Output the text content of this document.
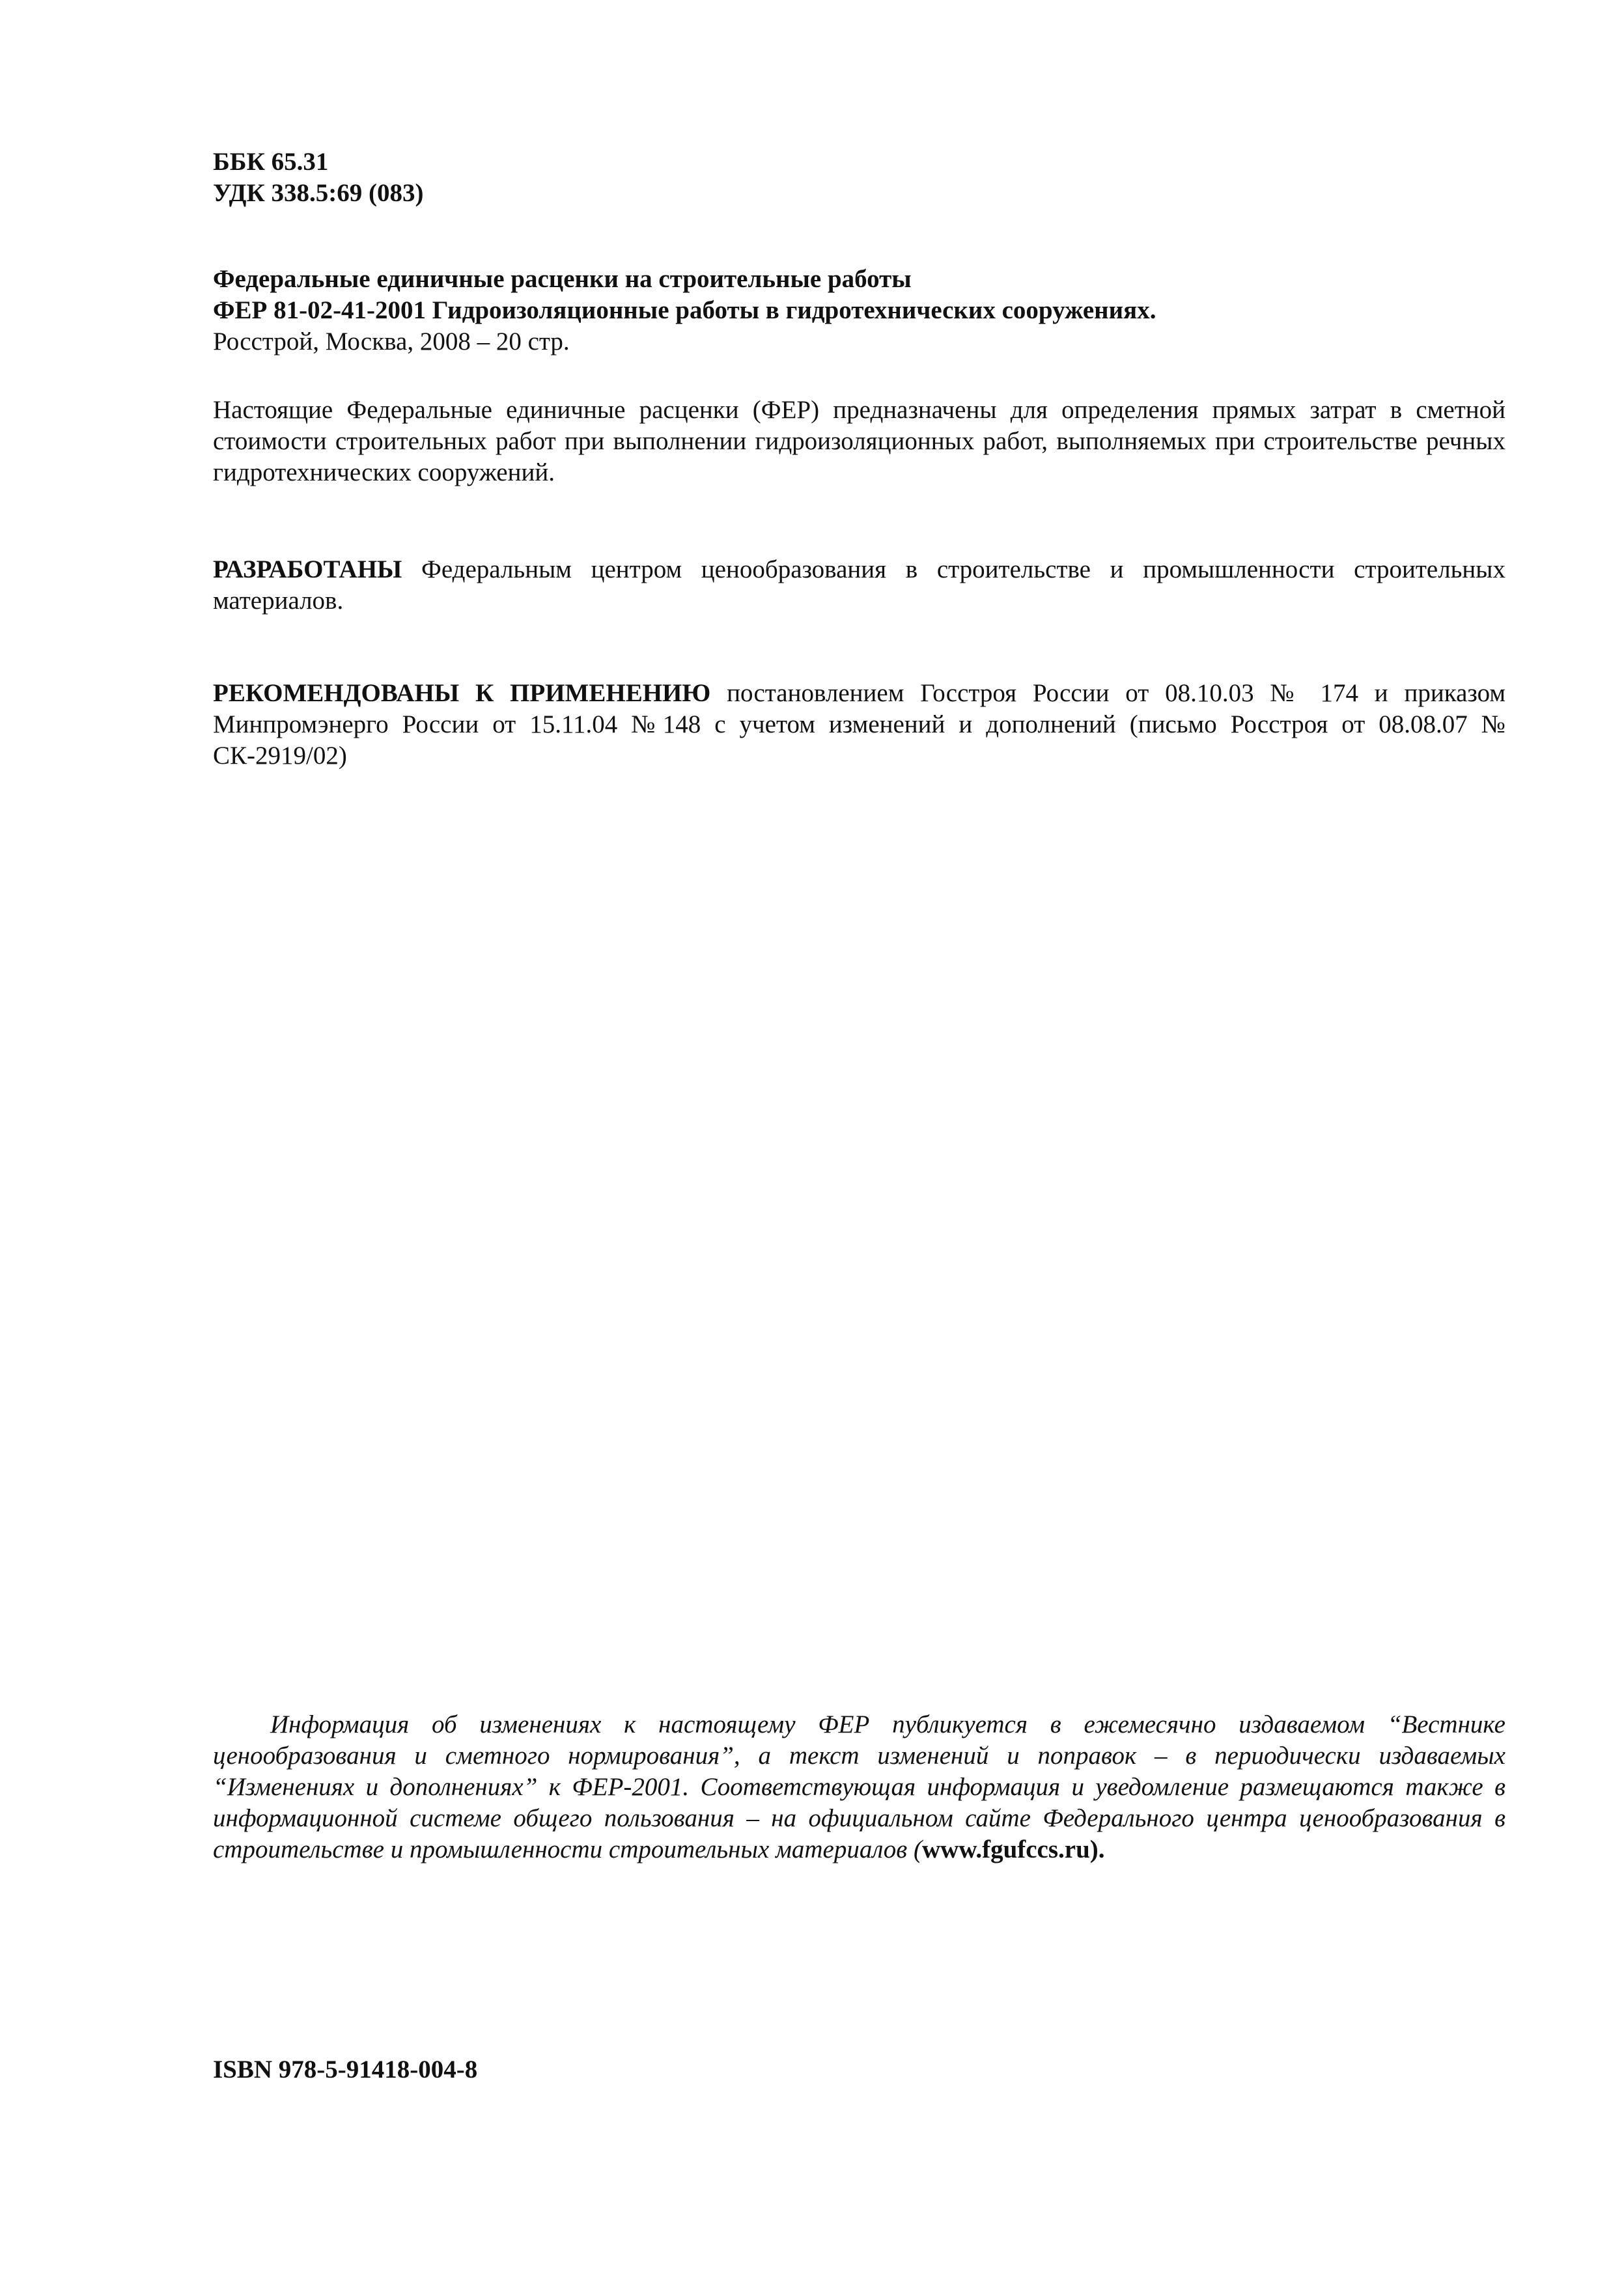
ББК 65.31
УДК 338.5:69 (083)
Федеральные единичные расценки на строительные работы
ФЕР 81-02-41-2001 Гидроизоляционные работы в гидротехнических сооружениях.
Росстрой, Москва, 2008 – 20 стр.
Настоящие Федеральные единичные расценки (ФЕР) предназначены для определения прямых затрат в сметной стоимости строительных работ при выполнении гидроизоляционных работ, выполняемых при строительстве речных гидротехнических сооружений.
РАЗРАБОТАНЫ Федеральным центром ценообразования в строительстве и промышленности строительных материалов.
РЕКОМЕНДОВАНЫ К ПРИМЕНЕНИЮ постановлением Госстроя России от 08.10.03 № 174 и приказом Минпромэнерго России от 15.11.04 №148 с учетом изменений и дополнений (письмо Росстроя от 08.08.07 № СК-2919/02)
Информация об изменениях к настоящему ФЕР публикуется в ежемесячно издаваемом “Вестнике ценообразования и сметного нормирования”, а текст изменений и поправок – в периодически издаваемых “Изменениях и дополнениях” к ФЕР-2001. Соответствующая информация и уведомление размещаются также в информационной системе общего пользования – на официальном сайте Федерального центра ценообразования в строительстве и промышленности строительных материалов (www.fgufccs.ru).
ISBN 978-5-91418-004-8
